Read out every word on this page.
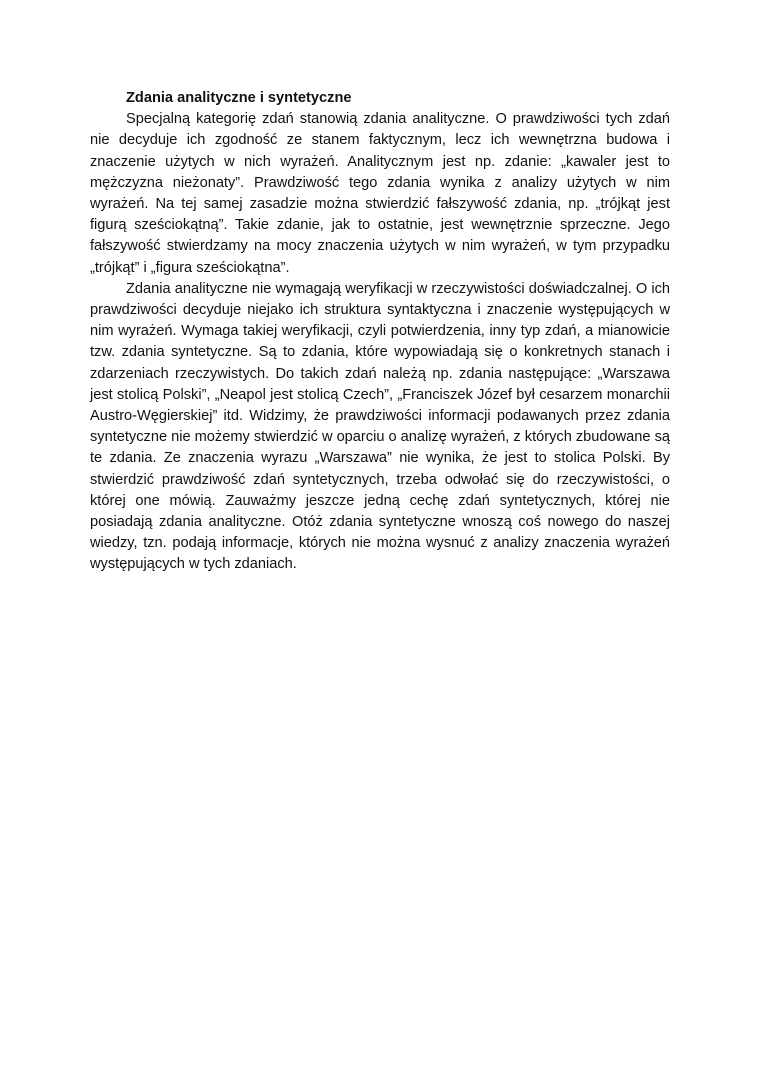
Zdania analityczne i syntetyczne

Specjalną kategorię zdań stanowią zdania analityczne. O prawdziwości tych zdań nie decyduje ich zgodność ze stanem faktycznym, lecz ich wewnętrzna budowa i znaczenie użytych w nich wyrażeń. Analitycznym jest np. zdanie: „kawaler jest to mężczyzna nieżonaty”. Prawdziwość tego zdania wynika z analizy użytych w nim wyrażeń. Na tej samej zasadzie można stwierdzić fałszywość zdania, np. „trójkąt jest figurą sześciokątną”. Takie zdanie, jak to ostatnie, jest wewnętrznie sprzeczne. Jego fałszywość stwierdzamy na mocy znaczenia użytych w nim wyrażeń, w tym przypadku „trójkąt” i „figura sześciokątna”.

Zdania analityczne nie wymagają weryfikacji w rzeczywistości doświadczalnej. O ich prawdziwości decyduje niejako ich struktura syntaktyczna i znaczenie występujących w nim wyrażeń. Wymaga takiej weryfikacji, czyli potwierdzenia, inny typ zdań, a mianowicie tzw. zdania syntetyczne. Są to zdania, które wypowiadają się o konkretnych stanach i zdarzeniach rzeczywistych. Do takich zdań należą np. zdania następujące: „Warszawa jest stolicą Polski”, „Neapol jest stolicą Czech”, „Franciszek Józef był cesarzem monarchii Austro-Węgierskiej” itd. Widzimy, że prawdziwości informacji podawanych przez zdania syntetyczne nie możemy stwierdzić w oparciu o analizę wyrażeń, z których zbudowane są te zdania. Ze znaczenia wyrazu „Warszawa” nie wynika, że jest to stolica Polski. By stwierdzić prawdziwość zdań syntetycznych, trzeba odwołać się do rzeczywistości, o której one mówią. Zauważmy jeszcze jedną cechę zdań syntetycznych, której nie posiadają zdania analityczne. Otóż zdania syntetyczne wnoszą coś nowego do naszej wiedzy, tzn. podają informacje, których nie można wysnuć z analizy znaczenia wyrażeń występujących w tych zdaniach.
